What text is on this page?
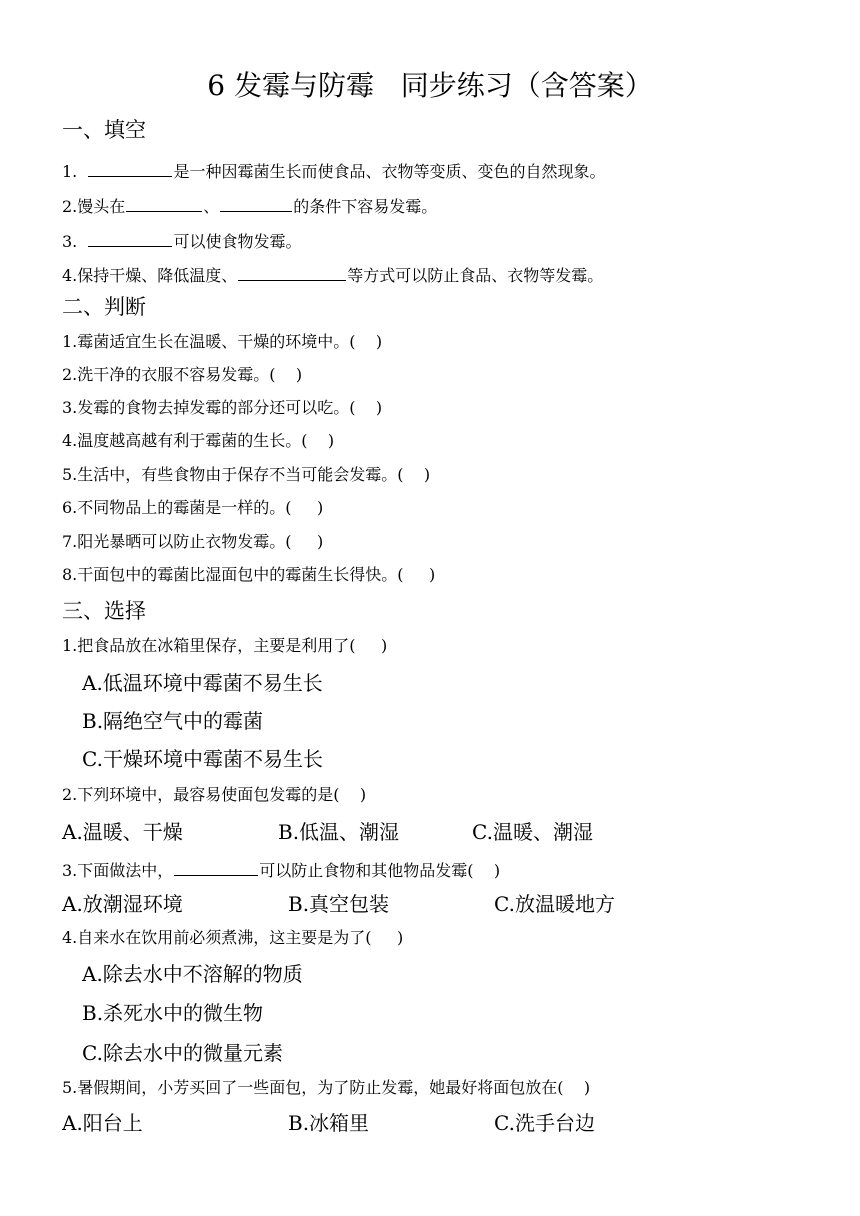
6 发霉与防霉   同步练习（含答案）
一、填空
1.	是一种因霉菌生长而使食品、衣物等变质、变色的自然现象。
2.馒头在	、	的条件下容易发霉。
3.	可以使食物发霉。
4.保持干燥、降低温度、	等方式可以防止食品、衣物等发霉。
二、判断
1.霉菌适宜生长在温暖、干燥的环境中。(    )
2.洗干净的衣服不容易发霉。(    )
3.发霉的食物去掉发霉的部分还可以吃。(    )
4.温度越高越有利于霉菌的生长。(    )
5.生活中，有些食物由于保存不当可能会发霉。(    )
6.不同物品上的霉菌是一样的。(     )
7.阳光暴晒可以防止衣物发霉。(     )
8.干面包中的霉菌比湿面包中的霉菌生长得快。(     )
三、选择
1.把食品放在冰箱里保存，主要是利用了(     )
A.低温环境中霉菌不易生长
B.隔绝空气中的霉菌
C.干燥环境中霉菌不易生长
2.下列环境中，最容易使面包发霉的是(    )
A.温暖、干燥	B.低温、潮湿	C.温暖、潮湿
3.下面做法中，	可以防止食物和其他物品发霉(    )
A.放潮湿环境	B.真空包装	C.放温暖地方
4.自来水在饮用前必须煮沸，这主要是为了(     )
A.除去水中不溶解的物质
B.杀死水中的微生物
C.除去水中的微量元素
5.暑假期间，小芳买回了一些面包，为了防止发霉，她最好将面包放在(    )
A.阳台上	B.冰箱里	C.洗手台边
